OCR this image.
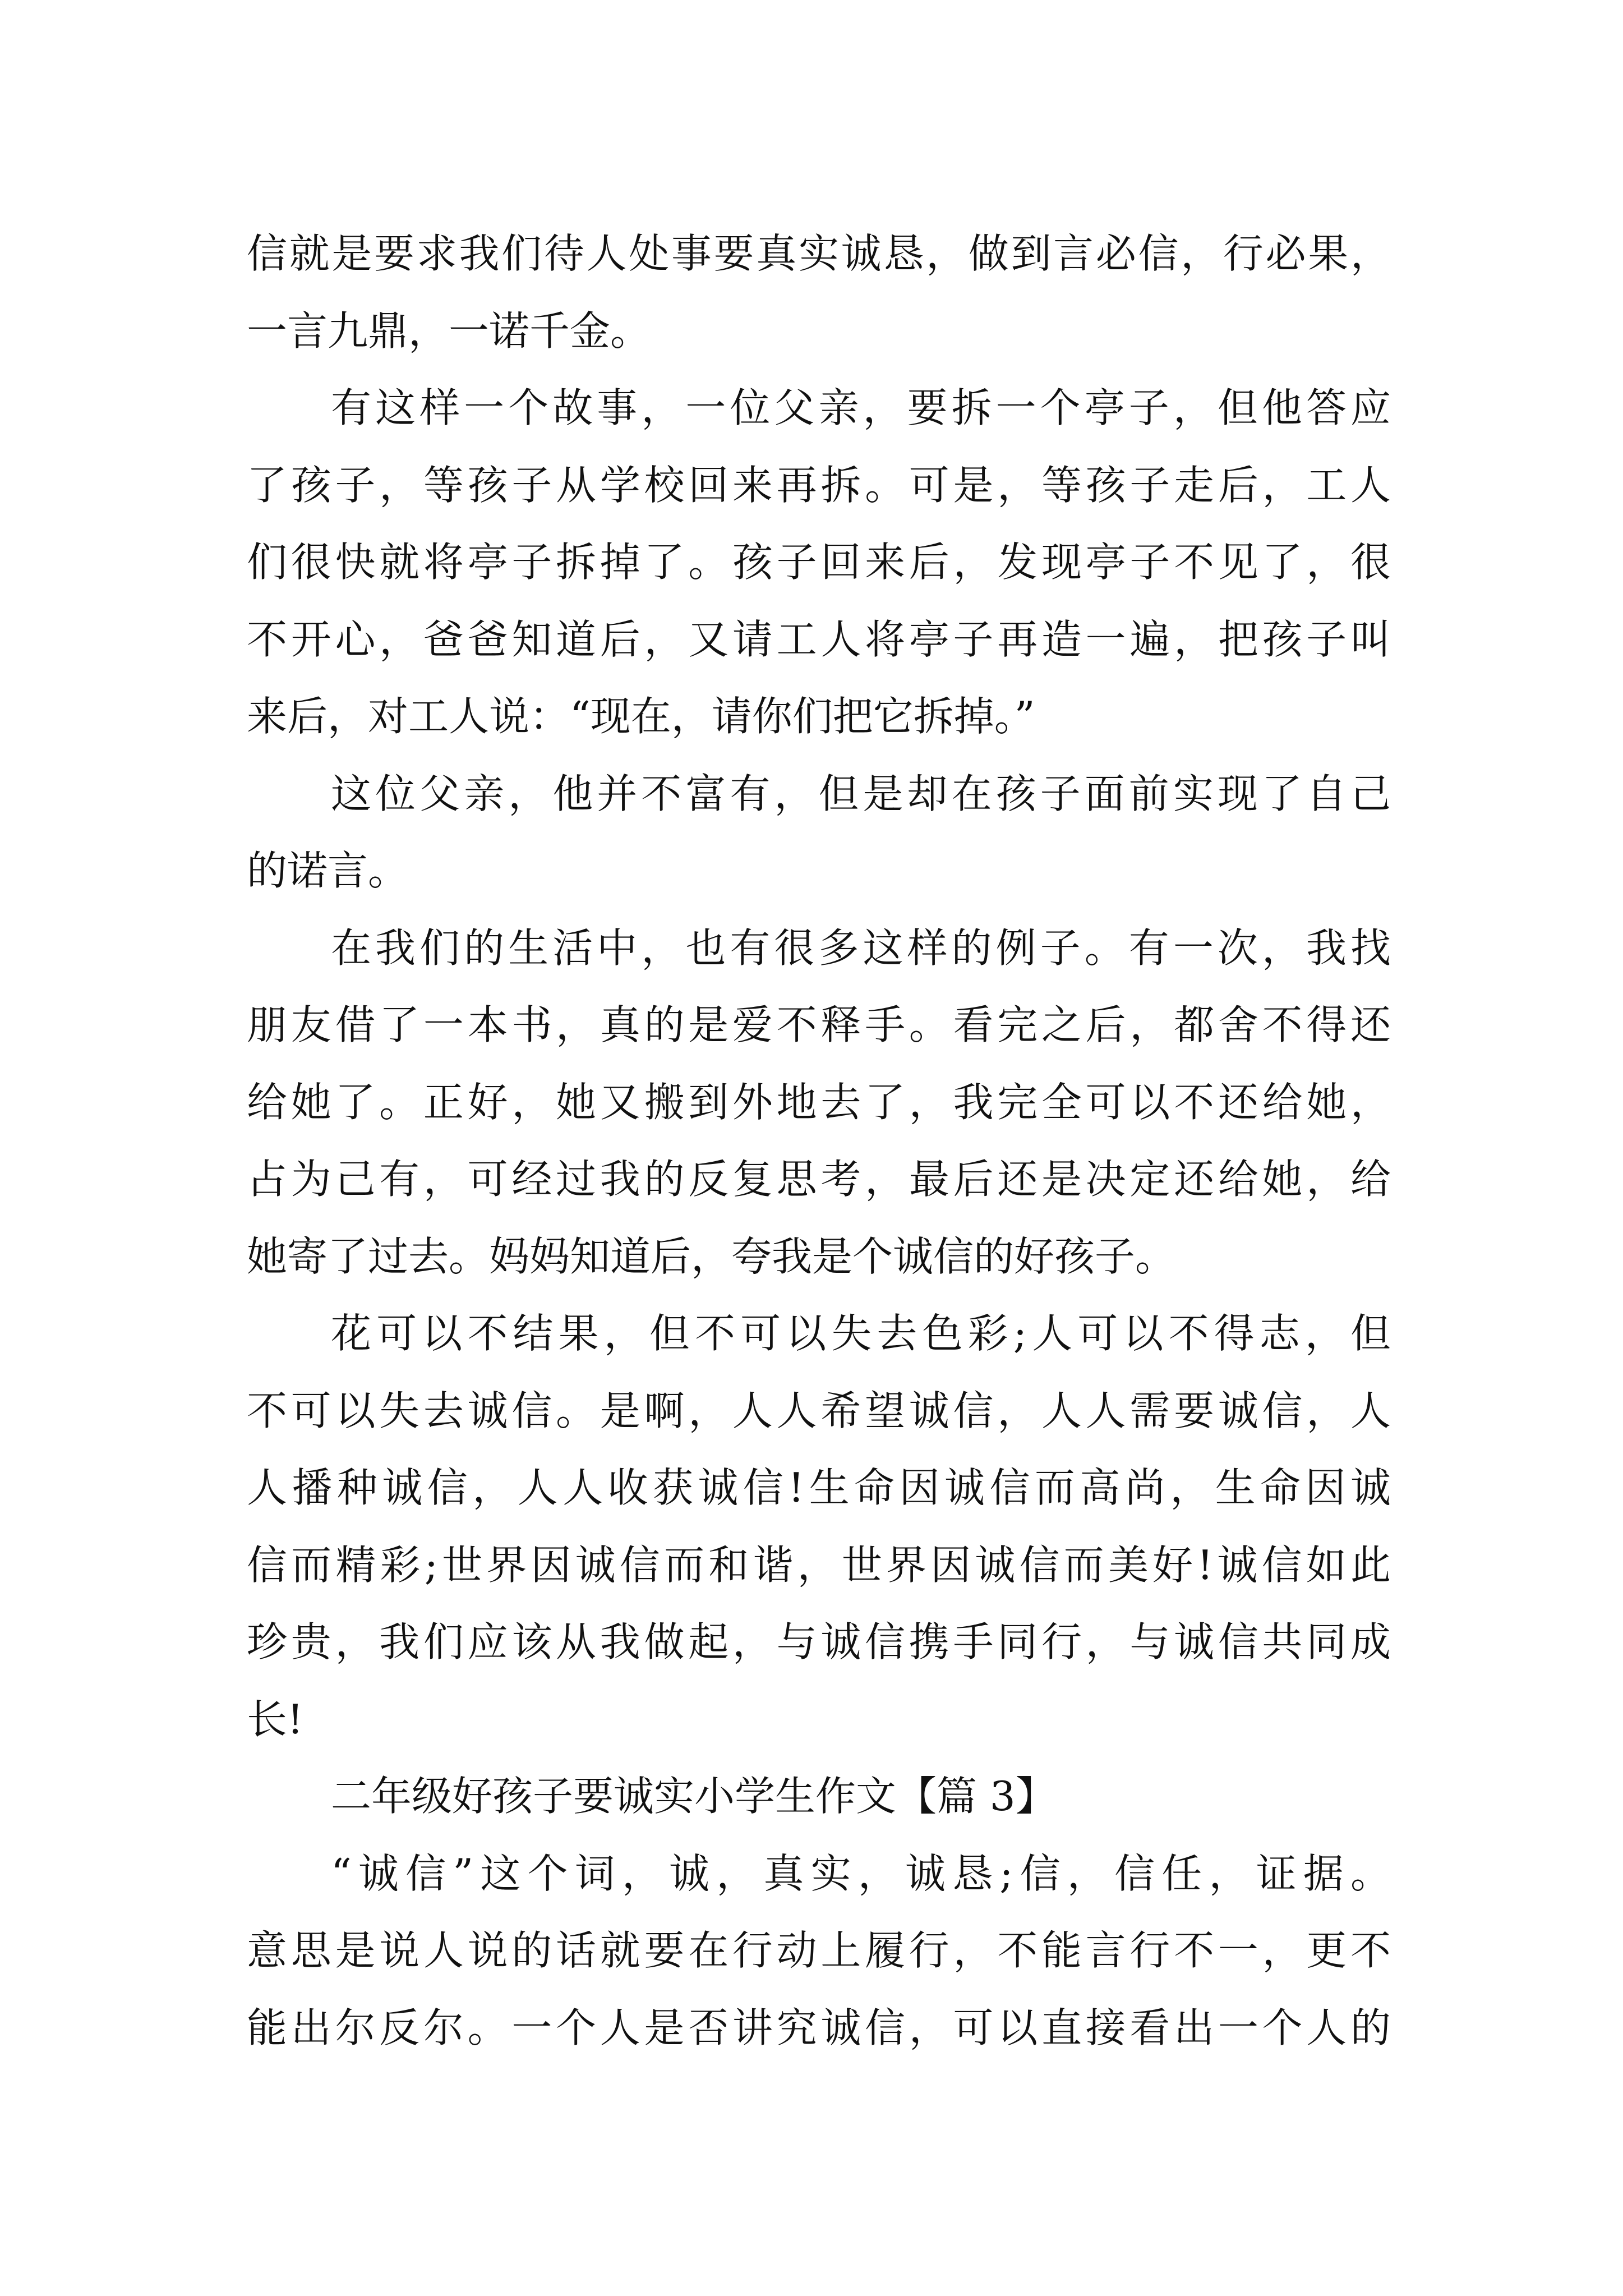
信就是要求我们待人处事要真实诚恳，做到言必信，行必果，
一言九鼎，一诺千金。
有这样一个故事，一位父亲，要拆一个亭子，但他答应
了孩子，等孩子从学校回来再拆。可是，等孩子走后，工人
们很快就将亭子拆掉了。孩子回来后，发现亭子不见了，很
不开心，爸爸知道后，又请工人将亭子再造一遍，把孩子叫
来后，对工人说：“现在，请你们把它拆掉。”
这位父亲，他并不富有，但是却在孩子面前实现了自己
的诺言。
在我们的生活中，也有很多这样的例子。有一次，我找
朋友借了一本书，真的是爱不释手。看完之后，都舍不得还
给她了。正好，她又搬到外地去了，我完全可以不还给她，
占为己有，可经过我的反复思考，最后还是决定还给她，给
她寄了过去。妈妈知道后，夸我是个诚信的好孩子。
花可以不结果，但不可以失去色彩;人可以不得志，但
不可以失去诚信。是啊，人人希望诚信，人人需要诚信，人
人播种诚信，人人收获诚信!生命因诚信而高尚，生命因诚
信而精彩;世界因诚信而和谐，世界因诚信而美好!诚信如此
珍贵，我们应该从我做起，与诚信携手同行，与诚信共同成
长!
二年级好孩子要诚实小学生作文【篇 3】
“诚信”这个词，诚，真实，诚恳;信，信任，证据。
意思是说人说的话就要在行动上履行，不能言行不一，更不
能出尔反尔。一个人是否讲究诚信，可以直接看出一个人的
